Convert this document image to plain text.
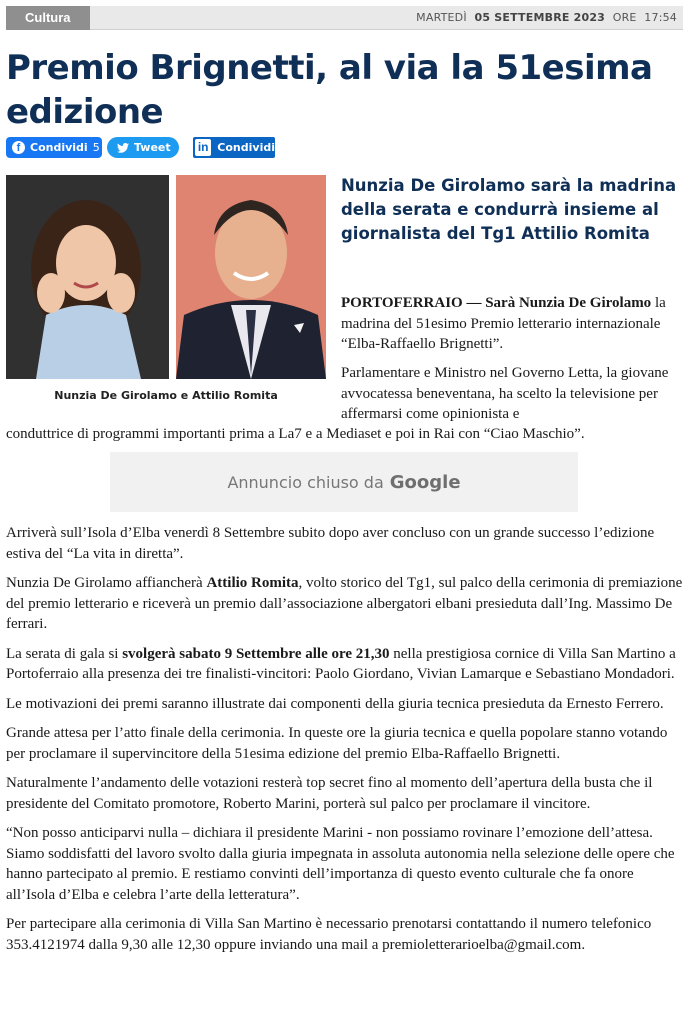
Cultura	MARTEDÌ 05 SETTEMBRE 2023 ORE 17:54
Premio Brignetti, al via la 51esima edizione
f Condividi 5	Tweet in Condividi
Nunzia De Girolamo e Attilio Romita
Nunzia De Girolamo sarà la madrina della serata e condurrà insieme al giornalista del Tg1 Attilio Romita

PORTOFERRAIO — Sarà Nunzia De Girolamo la madrina del 51esimo Premio letterario internazionale “Elba-Raffaello Brignetti”.

Parlamentare e Ministro nel Governo Letta, la giovane avvocatessa beneventana, ha scelto la televisione per affermarsi come opinionista e
conduttrice di programmi importanti prima a La7 e a Mediaset e poi in Rai con “Ciao Maschio”.
Annuncio chiuso da Google

Arriverà sull’Isola d’Elba venerdì 8 Settembre subito dopo aver concluso con un grande successo l’edizione estiva del “La vita in diretta”.

Nunzia De Girolamo affiancherà Attilio Romita, volto storico del Tg1, sul palco della cerimonia di premiazione del premio letterario e riceverà un premio dall’associazione albergatori elbani presieduta dall’Ing. Massimo De ferrari.

La serata di gala si svolgerà sabato 9 Settembre alle ore 21,30 nella prestigiosa cornice di Villa San Martino a Portoferraio alla presenza dei tre finalisti-vincitori: Paolo Giordano, Vivian Lamarque e Sebastiano Mondadori.

Le motivazioni dei premi saranno illustrate dai componenti della giuria tecnica presieduta da Ernesto Ferrero.

Grande attesa per l’atto finale della cerimonia. In queste ore la giuria tecnica e quella popolare stanno votando per proclamare il supervincitore della 51esima edizione del premio Elba-Raffaello Brignetti.

Naturalmente l’andamento delle votazioni resterà top secret fino al momento dell’apertura della busta che il presidente del Comitato promotore, Roberto Marini, porterà sul palco per proclamare il vincitore.

“Non posso anticiparvi nulla – dichiara il presidente Marini - non possiamo rovinare l’emozione dell’attesa. Siamo soddisfatti del lavoro svolto dalla giuria impegnata in assoluta autonomia nella selezione delle opere che hanno partecipato al premio. E restiamo convinti dell’importanza di questo evento culturale che fa onore all’Isola d’Elba e celebra l’arte della letteratura”.

Per partecipare alla cerimonia di Villa San Martino è necessario prenotarsi contattando il numero telefonico 353.4121974 dalla 9,30 alle 12,30 oppure inviando una mail a premioletterarioelba@gmail.com.
